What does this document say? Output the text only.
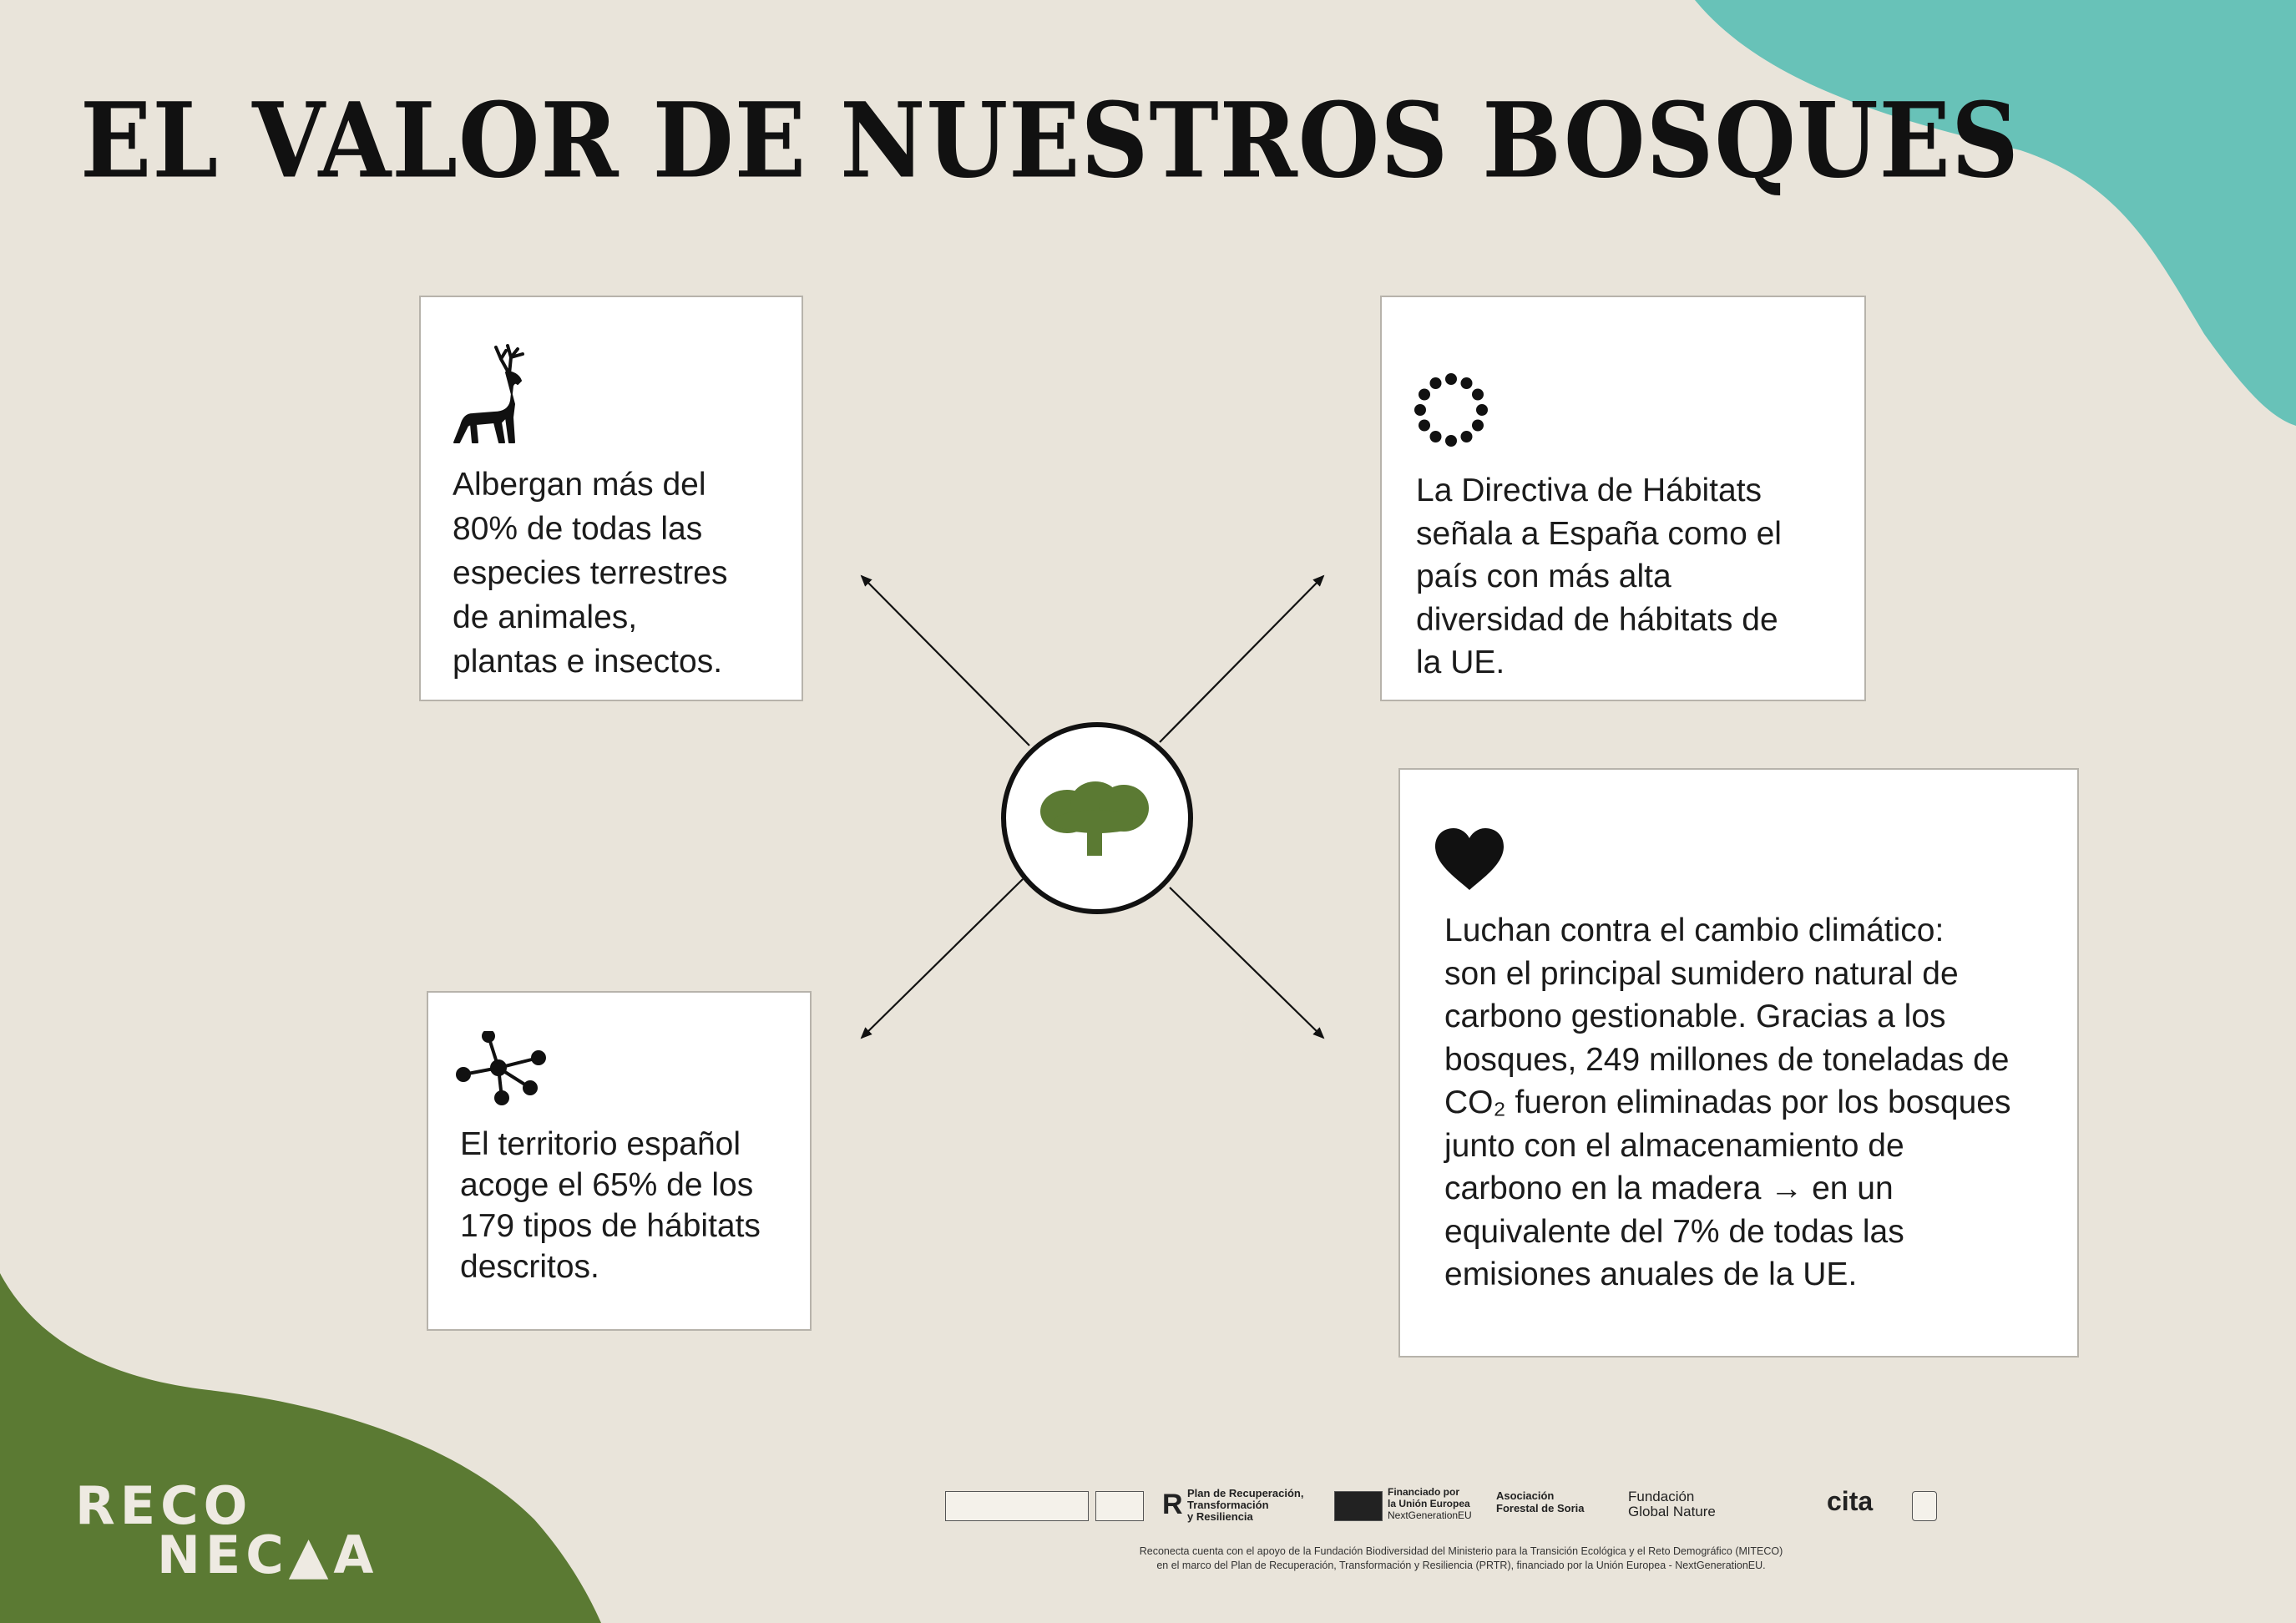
EL VALOR DE NUESTROS BOSQUES

Albergan más del
80% de todas las
especies terrestres
de animales,
plantas e insectos.

La Directiva de Hábitats
señala a España como el
país con más alta
diversidad de hábitats de
la UE.

El territorio español
acoge el 65% de los
179 tipos de hábitats
descritos.

Luchan contra el cambio climático:
son el principal sumidero natural de
carbono gestionable. Gracias a los
bosques, 249 millones de toneladas de
CO₂ fueron eliminadas por los bosques
junto con el almacenamiento de
carbono en la madera → en un
equivalente del 7% de todas las
emisiones anuales de la UE.

RECO
NEC▲A
R Plan de Recuperación,
Transformación
y Resiliencia
Financiado por
la Unión Europea
NextGenerationEU
Asociación
Forestal de Soria
Fundación
Global Nature	cita

Reconecta cuenta con el apoyo de la Fundación Biodiversidad del Ministerio para la Transición Ecológica y el Reto Demográfico (MITECO)
en el marco del Plan de Recuperación, Transformación y Resiliencia (PRTR), financiado por la Unión Europea - NextGenerationEU.
